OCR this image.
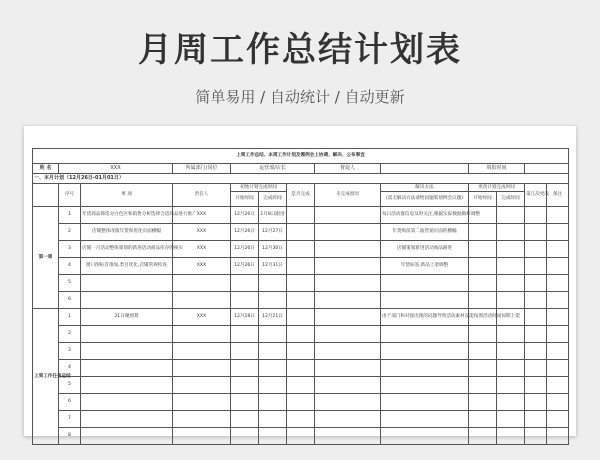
月周工作总结计划表
简单易用 / 自动统计 / 自动更新
上周工作总结、本周工作计划及需例会上协调、解决、公布事宜												
姓 名	XXX		所属部门/岗位	运营部/店长			督促人		填报时间			
一、本月计划（12月26日-01月01日）												
	序号	事 项	责任人	初始计划完成时间		是否完成	未完成原因	解决方法	更改计划完成时间		第几次更改	备注
				开始时间	完成时间			(需无解决方法请给问题策划例会议题)	开始时间	完成时间		
第一周	1	年货商品筛选分白色区和销售分析选择合适商品进行推广	XXX	12月26日	1月8日跟进			每日活动群信息及时关注,根据实际数据做好调整				
	2	店铺整体改版年货和优化页面横幅	XXX	12月26日	12月27日			年货购前第二波营销页面的横幅				
	3	店铺一月活动整体策划的新进活动商品库存的核实	XXX	12月26日	12月30日			店铺策划新进活动商品跟进				
	4	窗口图标首推加,类目优化,店铺常规检查	XXX	12月26日	12月31日			年货标签,新品上架调整				
	5											
	6											
上周工作任务总结	1	21日聚划算	XXX	12月18日	12月21日			由于部门和对接出现的问题导致活动素材没能按照活动时间如期上架				
	2											
	3											
	4											
	5											
	6											
	7											
	8											
